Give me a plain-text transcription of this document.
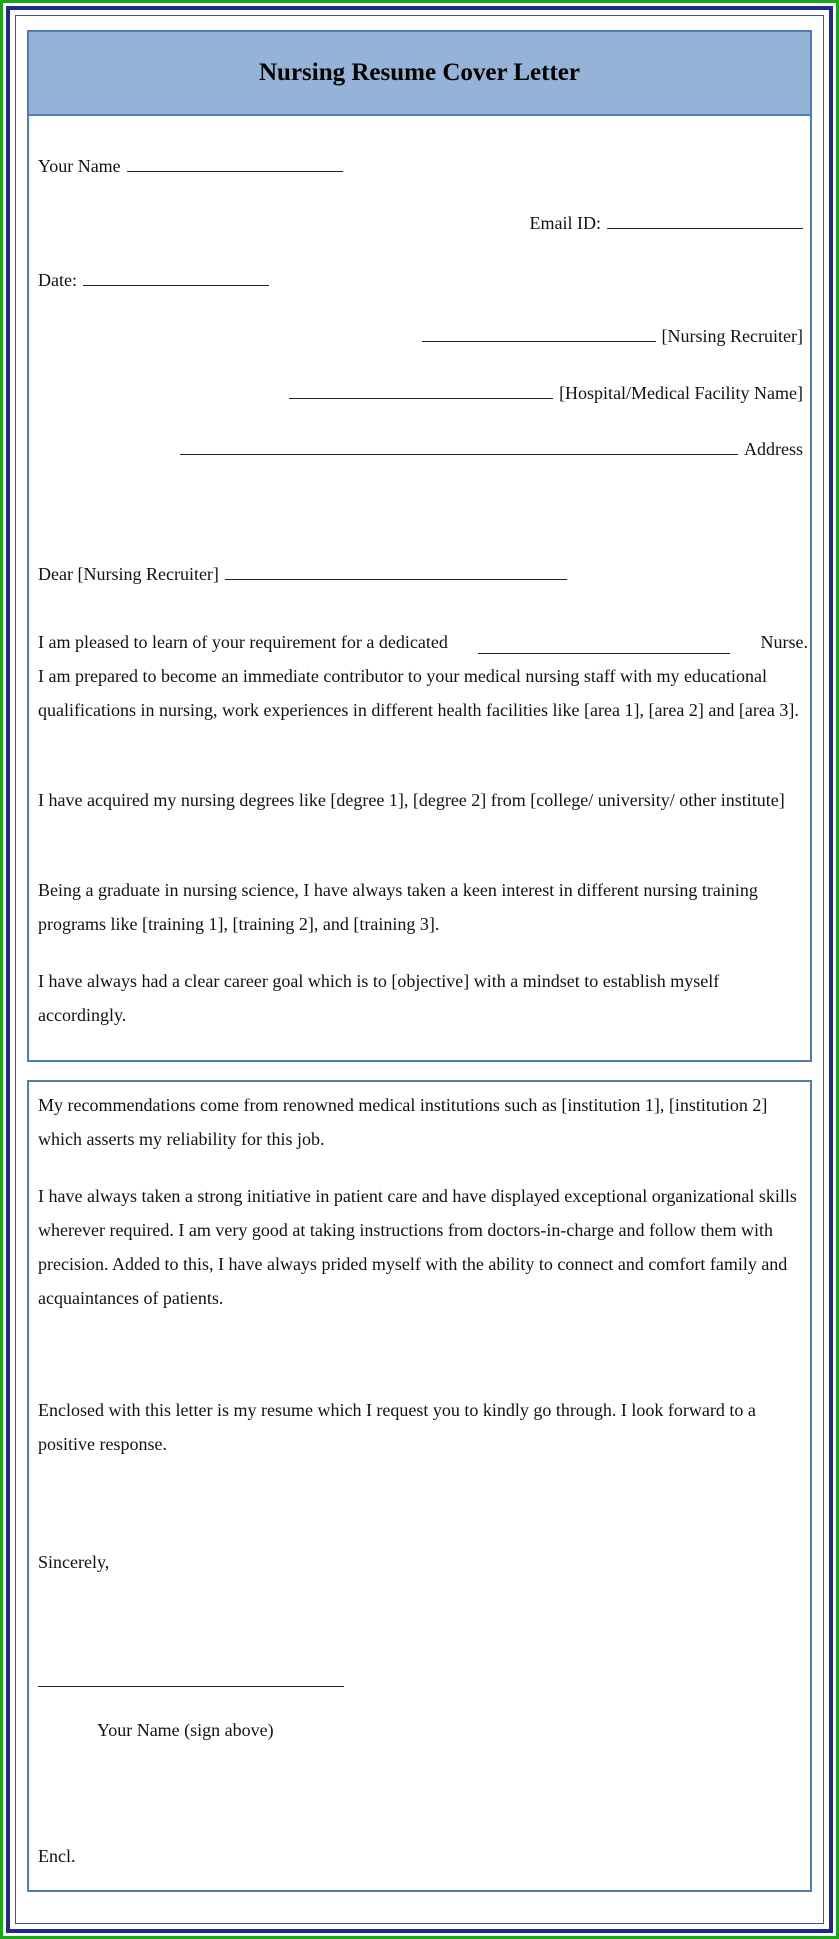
Nursing Resume Cover Letter
Your Name
Email ID:
Date:
[Nursing Recruiter]
[Hospital/Medical Facility Name]
Address
Dear [Nursing Recruiter]
I am pleased to learn of your requirement for a dedicated	Nurse.
I am prepared to become an immediate contributor to your medical nursing staff with my educational qualifications in nursing, work experiences in different health facilities like [area 1], [area 2] and [area 3].
I have acquired my nursing degrees like [degree 1], [degree 2] from [college/ university/ other institute]
Being a graduate in nursing science, I have always taken a keen interest in different nursing training programs like [training 1], [training 2], and [training 3].
I have always had a clear career goal which is to [objective] with a mindset to establish myself accordingly.
My recommendations come from renowned medical institutions such as [institution 1], [institution 2] which asserts my reliability for this job.
I have always taken a strong initiative in patient care and have displayed exceptional organizational skills wherever required. I am very good at taking instructions from doctors-in-charge and follow them with precision. Added to this, I have always prided myself with the ability to connect and comfort family and acquaintances of patients.
Enclosed with this letter is my resume which I request you to kindly go through. I look forward to a positive response.
Sincerely,
Your Name (sign above)
Encl.
